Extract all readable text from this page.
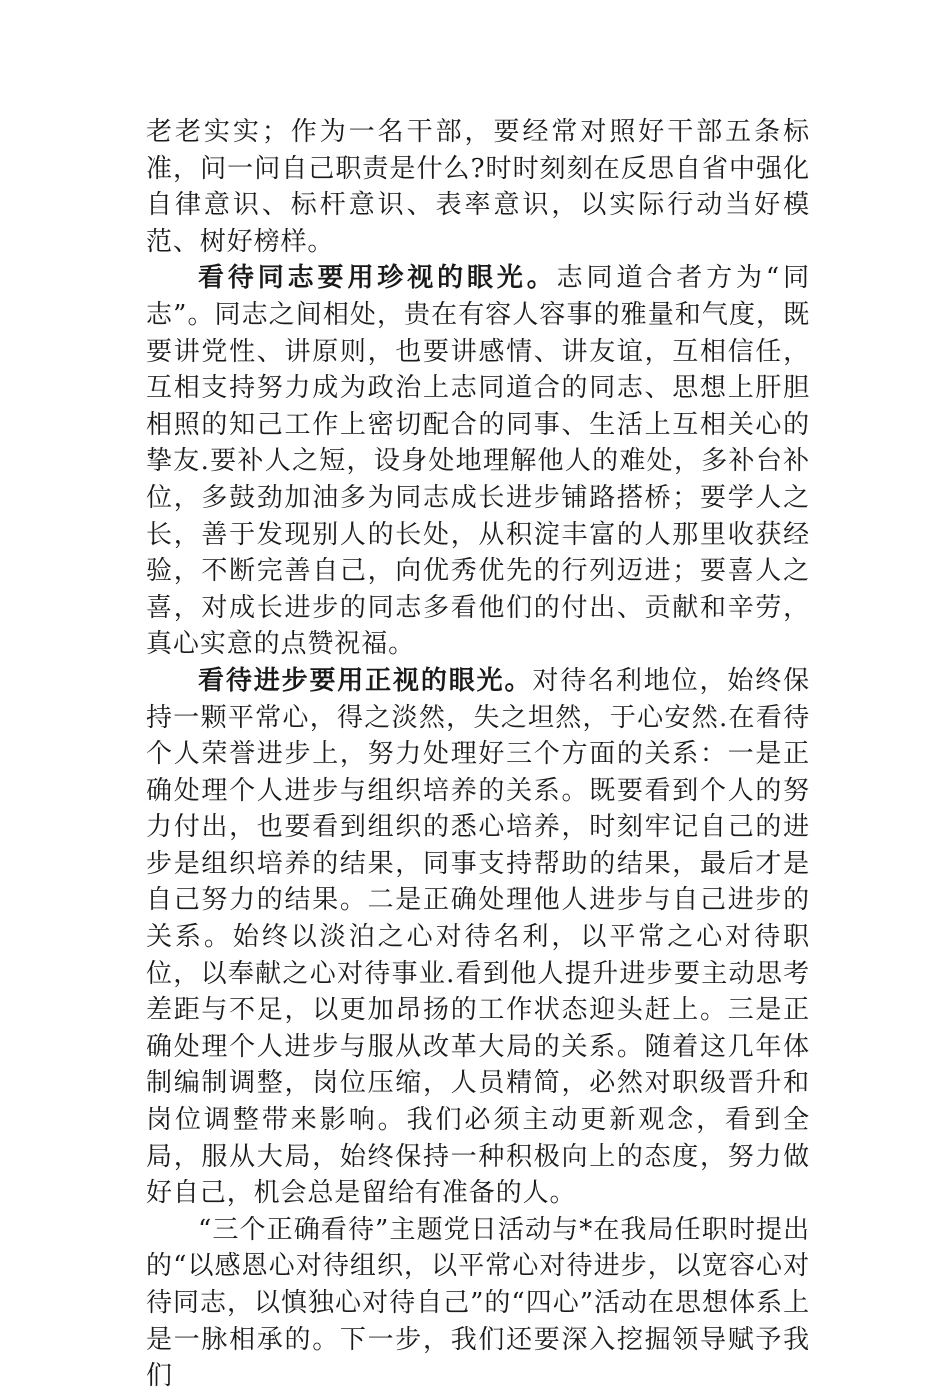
老老实实；作为一名干部，要经常对照好干部五条标准，问一问自己职责是什么?时时刻刻在反思自省中强化自律意识、标杆意识、表率意识，以实际行动当好模范、树好榜样。

看待同志要用珍视的眼光。志同道合者方为“同志”。同志之间相处，贵在有容人容事的雅量和气度，既要讲党性、讲原则，也要讲感情、讲友谊，互相信任，互相支持努力成为政治上志同道合的同志、思想上肝胆相照的知己工作上密切配合的同事、生活上互相关心的挚友.要补人之短，设身处地理解他人的难处，多补台补位，多鼓劲加油多为同志成长进步铺路搭桥；要学人之长，善于发现别人的长处，从积淀丰富的人那里收获经验，不断完善自己，向优秀优先的行列迈进；要喜人之喜，对成长进步的同志多看他们的付出、贡献和辛劳，真心实意的点赞祝福。

看待进步要用正视的眼光。对待名利地位，始终保持一颗平常心，得之淡然，失之坦然，于心安然.在看待个人荣誉进步上，努力处理好三个方面的关系：一是正确处理个人进步与组织培养的关系。既要看到个人的努力付出，也要看到组织的悉心培养，时刻牢记自己的进步是组织培养的结果，同事支持帮助的结果，最后才是自己努力的结果。二是正确处理他人进步与自己进步的关系。始终以淡泊之心对待名利，以平常之心对待职位，以奉献之心对待事业.看到他人提升进步要主动思考差距与不足，以更加昂扬的工作状态迎头赶上。三是正确处理个人进步与服从改革大局的关系。随着这几年体制编制调整，岗位压缩，人员精简，必然对职级晋升和岗位调整带来影响。我们必须主动更新观念，看到全局，服从大局，始终保持一种积极向上的态度，努力做好自己，机会总是留给有准备的人。

“三个正确看待”主题党日活动与*在我局任职时提出的“以感恩心对待组织，以平常心对待进步，以宽容心对待同志，以慎独心对待自己”的“四心”活动在思想体系上是一脉相承的。下一步，我们还要深入挖掘领导赋予我们
